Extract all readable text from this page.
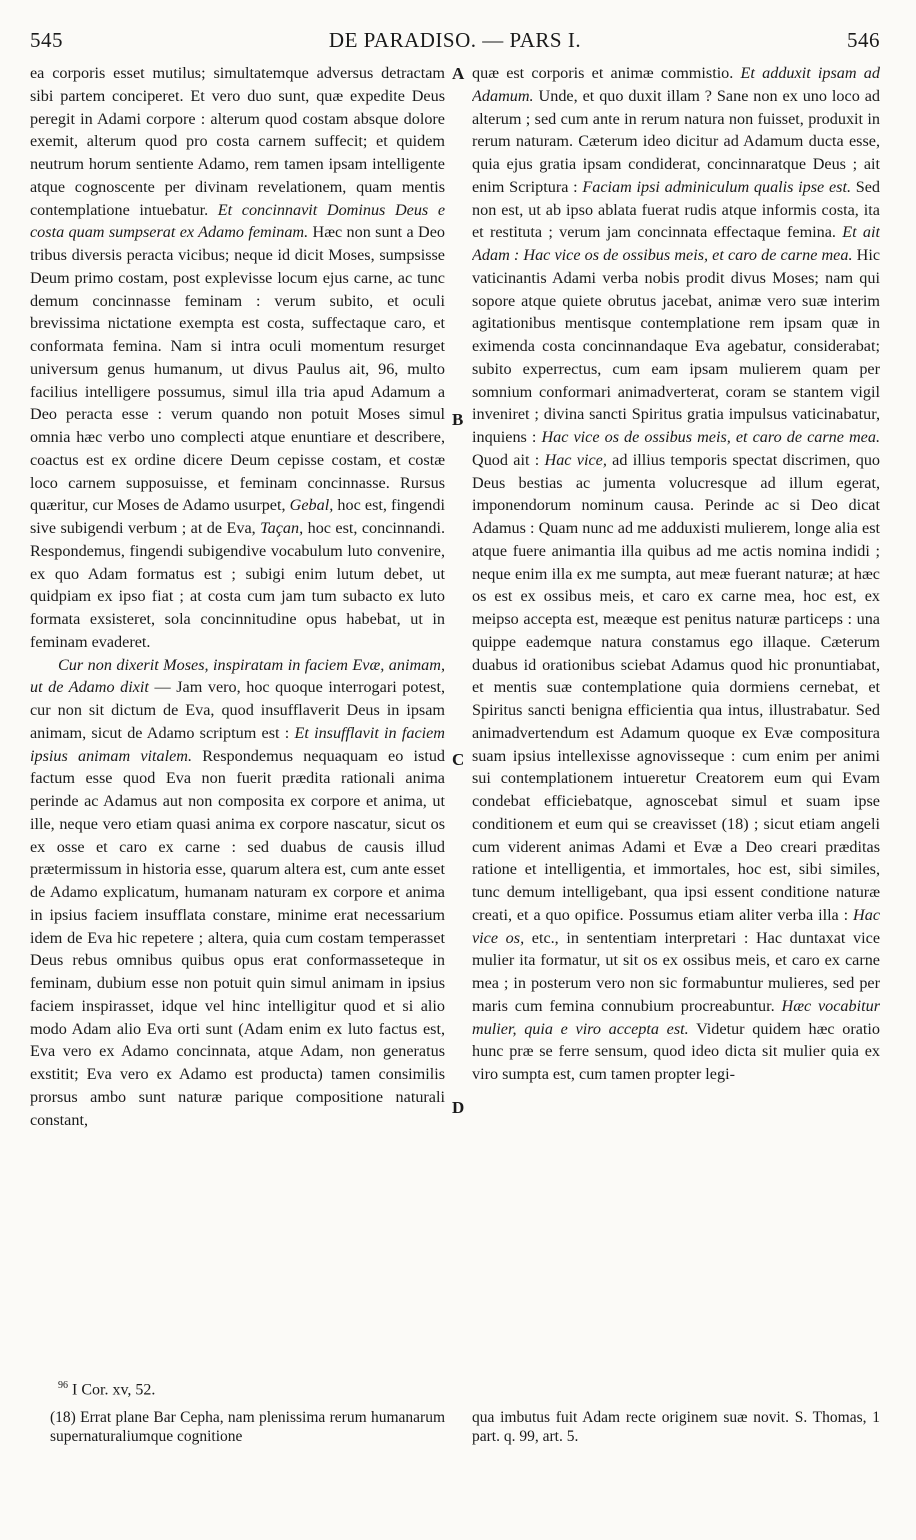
545	DE PARADISO. — PARS I.	546

ea corporis esset mutilus; simultatemque adversus detractam sibi partem conciperet. Et vero duo sunt, quæ expedite Deus peregit in Adami corpore : alterum quod costam absque dolore exemit, alterum quod pro costa carnem suffecit; et quidem neutrum horum sentiente Adamo, rem tamen ipsam intelligente atque cognoscente per divinam revelationem, quam mentis contemplatione intuebatur. Et concinnavit Dominus Deus e costa quam sumpserat ex Adamo feminam. Hæc non sunt a Deo tribus diversis peracta vicibus; neque id dicit Moses, sumpsisse Deum primo costam, post explevisse locum ejus carne, ac tunc demum concinnasse feminam : verum subito, et oculi brevissima nictatione exempta est costa, suffectaque caro, et conformata femina. Nam si intra oculi momentum resurget universum genus humanum, ut divus Paulus ait, 96, multo facilius intelligere possumus, simul illa tria apud Adamum a Deo peracta esse : verum quando non potuit Moses simul omnia hæc verbo uno complecti atque enuntiare et describere, coactus est ex ordine dicere Deum cepisse costam, et costæ loco carnem supposuisse, et feminam concinnasse. Rursus quæritur, cur Moses de Adamo usurpet, Gebal, hoc est, fingendi sive subigendi verbum ; at de Eva, Taçan, hoc est, concinnandi. Respondemus, fingendi subigendive vocabulum luto convenire, ex quo Adam formatus est ; subigi enim lutum debet, ut quidpiam ex ipso fiat ; at costa cum jam tum subacto ex luto formata exsisteret, sola concinnitudine opus habebat, ut in feminam evaderet.

Cur non dixerit Moses, inspiratam in faciem Evæ, animam, ut de Adamo dixit — Jam vero, hoc quoque interrogari potest, cur non sit dictum de Eva, quod insufflaverit Deus in ipsam animam, sicut de Adamo scriptum est : Et insufflavit in faciem ipsius animam vitalem. Respondemus nequaquam eo istud factum esse quod Eva non fuerit prædita rationali anima perinde ac Adamus aut non composita ex corpore et anima, ut ille, neque vero etiam quasi anima ex corpore nascatur, sicut os ex osse et caro ex carne : sed duabus de causis illud prætermissum in historia esse, quarum altera est, cum ante esset de Adamo explicatum, humanam naturam ex corpore et anima in ipsius faciem insufflata constare, minime erat necessarium idem de Eva hic repetere ; altera, quia cum costam temperasset Deus rebus omnibus quibus opus erat conformasseteque in feminam, dubium esse non potuit quin simul animam in ipsius faciem inspirasset, idque vel hinc intelligitur quod et si alio modo Adam alio Eva orti sunt (Adam enim ex luto factus est, Eva vero ex Adamo concinnata, atque Adam, non generatus exstitit; Eva vero ex Adamo est producta) tamen consimilis prorsus ambo sunt naturæ parique compositione naturali constant,

A
B
C
D

quæ est corporis et animæ commistio. Et adduxit ipsam ad Adamum. Unde, et quo duxit illam ? Sane non ex uno loco ad alterum ; sed cum ante in rerum natura non fuisset, produxit in rerum naturam. Cæterum ideo dicitur ad Adamum ducta esse, quia ejus gratia ipsam condiderat, concinnaratque Deus ; ait enim Scriptura : Faciam ipsi adminiculum qualis ipse est. Sed non est, ut ab ipso ablata fuerat rudis atque informis costa, ita et restituta ; verum jam concinnata effectaque femina. Et ait Adam : Hac vice os de ossibus meis, et caro de carne mea. Hic vaticinantis Adami verba nobis prodit divus Moses; nam qui sopore atque quiete obrutus jacebat, animæ vero suæ interim agitationibus mentisque contemplatione rem ipsam quæ in eximenda costa concinnandaque Eva agebatur, considerabat; subito experrectus, cum eam ipsam mulierem quam per somnium conformari animadverterat, coram se stantem vigil inveniret ; divina sancti Spiritus gratia impulsus vaticinabatur, inquiens : Hac vice os de ossibus meis, et caro de carne mea. Quod ait : Hac vice, ad illius temporis spectat discrimen, quo Deus bestias ac jumenta volucresque ad illum egerat, imponendorum nominum causa. Perinde ac si Deo dicat Adamus : Quam nunc ad me adduxisti mulierem, longe alia est atque fuere animantia illa quibus ad me actis nomina indidi ; neque enim illa ex me sumpta, aut meæ fuerant naturæ; at hæc os est ex ossibus meis, et caro ex carne mea, hoc est, ex meipso accepta est, meæque est penitus naturæ particeps : una quippe eademque natura constamus ego illaque. Cæterum duabus id orationibus sciebat Adamus quod hic pronuntiabat, et mentis suæ contemplatione quia dormiens cernebat, et Spiritus sancti benigna efficientia qua intus, illustrabatur. Sed animadvertendum est Adamum quoque ex Evæ compositura suam ipsius intellexisse agnovisseque : cum enim per animi sui contemplationem intueretur Creatorem eum qui Evam condebat efficiebatque, agnoscebat simul et suam ipse conditionem et eum qui se creavisset (18) ; sicut etiam angeli cum viderent animas Adami et Evæ a Deo creari præditas ratione et intelligentia, et immortales, hoc est, sibi similes, tunc demum intelligebant, qua ipsi essent conditione naturæ creati, et a quo opifice. Possumus etiam aliter verba illa : Hac vice os, etc., in sententiam interpretari : Hac duntaxat vice mulier ita formatur, ut sit os ex ossibus meis, et caro ex carne mea ; in posterum vero non sic formabuntur mulieres, sed per maris cum femina connubium procreabuntur. Hæc vocabitur mulier, quia e viro accepta est. Videtur quidem hæc oratio hunc præ se ferre sensum, quod ideo dicta sit mulier quia ex viro sumpta est, cum tamen propter legi-

$^{96}$ I Cor. xv, 52.
(18) Errat plane Bar Cepha, nam plenissima rerum humanarum supernaturaliumque cognitione
qua imbutus fuit Adam recte originem suæ novit. S. Thomas, 1 part. q. 99, art. 5.
